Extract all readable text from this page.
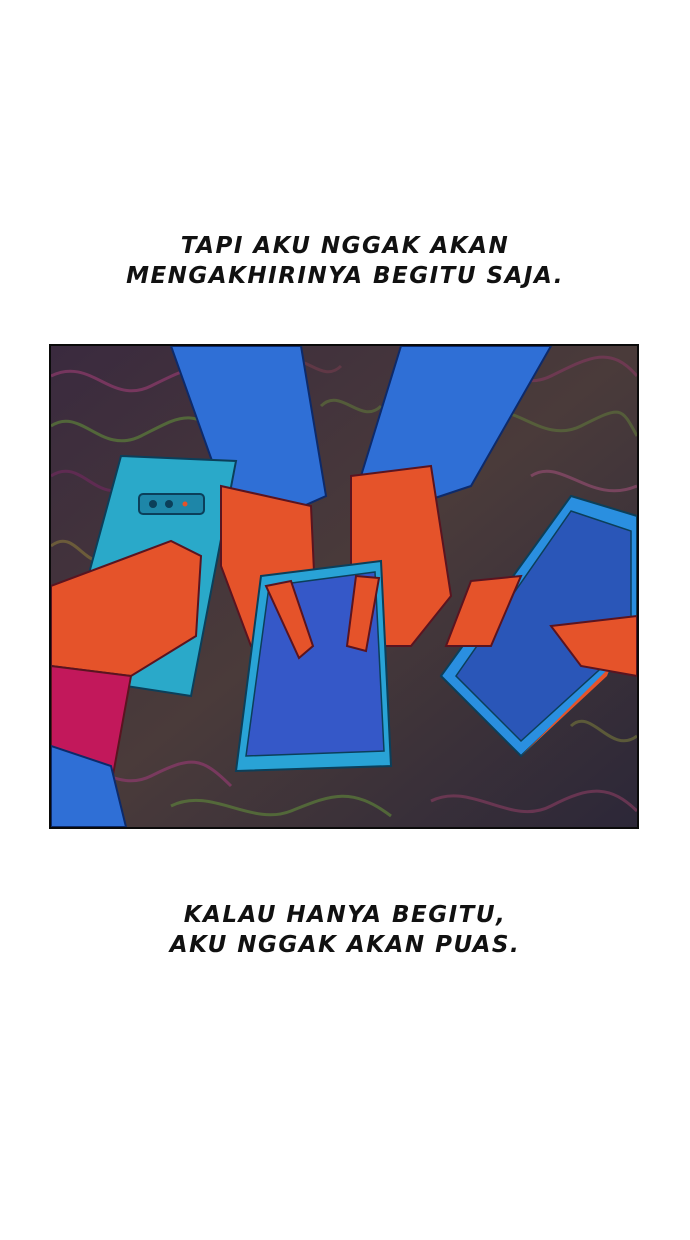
TAPI AKU NGGAK AKAN
MENGAKHIRINYA BEGITU SAJA.
KALAU HANYA BEGITU,
AKU NGGAK AKAN PUAS.
